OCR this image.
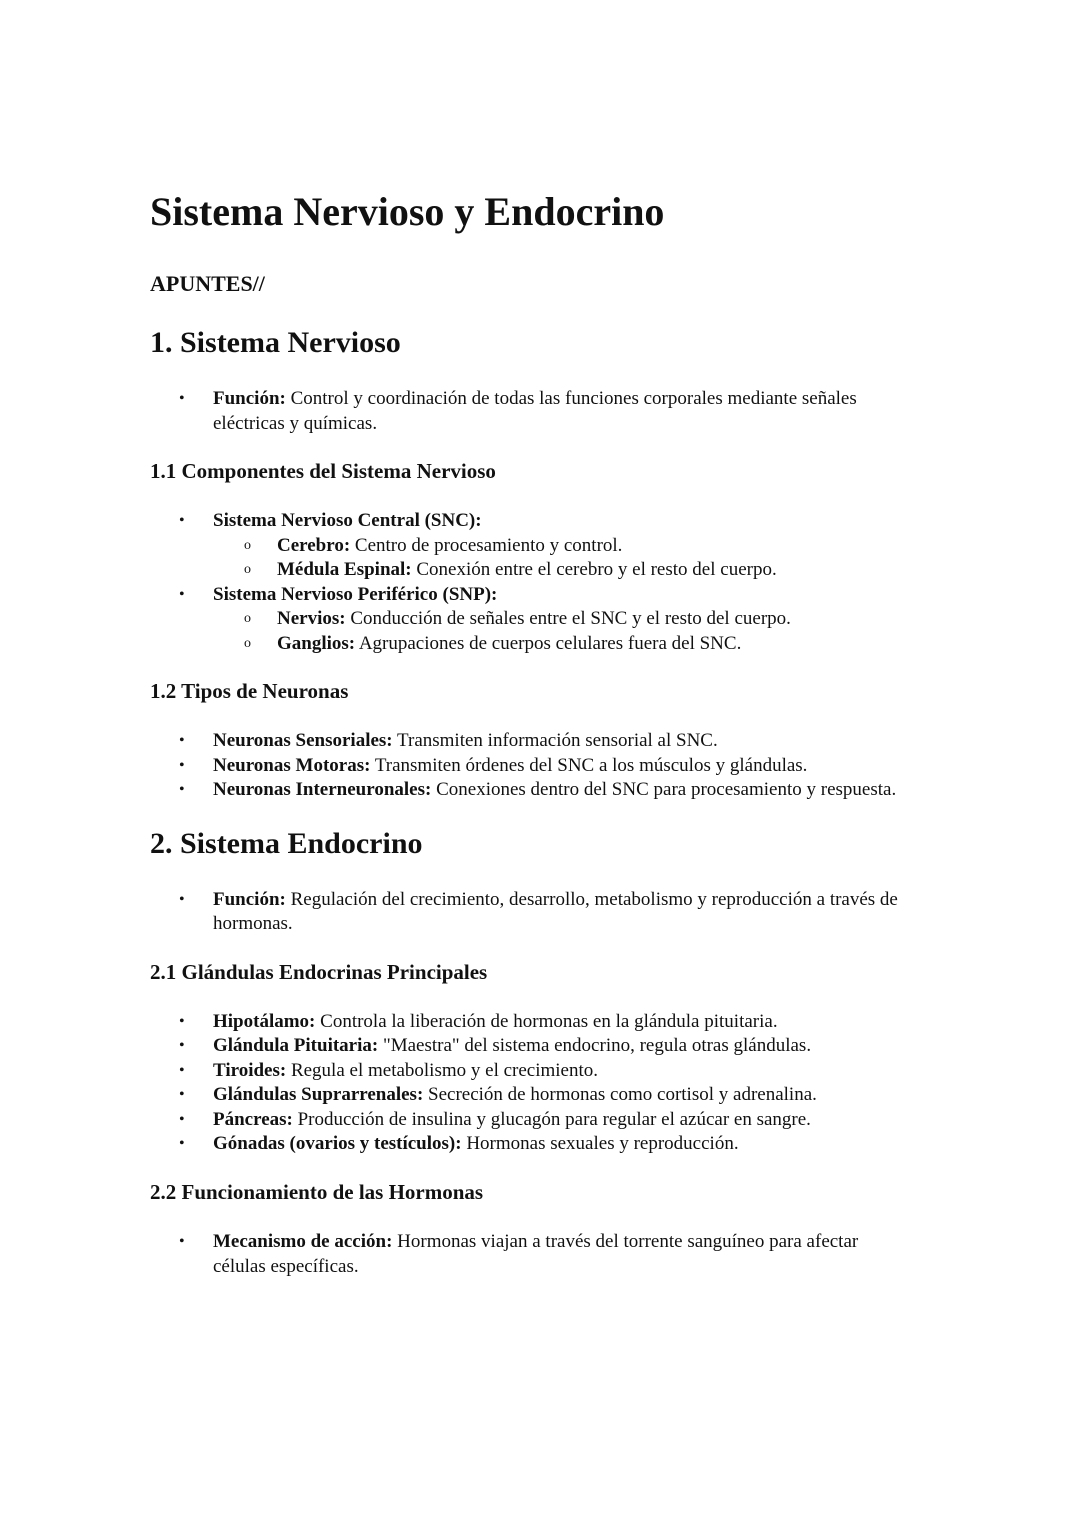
Sistema Nervioso y Endocrino
APUNTES//
1. Sistema Nervioso
• Función: Control y coordinación de todas las funciones corporales mediante señales eléctricas y químicas.
1.1 Componentes del Sistema Nervioso
• Sistema Nervioso Central (SNC):
o Cerebro: Centro de procesamiento y control.
o Médula Espinal: Conexión entre el cerebro y el resto del cuerpo.
• Sistema Nervioso Periférico (SNP):
o Nervios: Conducción de señales entre el SNC y el resto del cuerpo.
o Ganglios: Agrupaciones de cuerpos celulares fuera del SNC.
1.2 Tipos de Neuronas
• Neuronas Sensoriales: Transmiten información sensorial al SNC.
• Neuronas Motoras: Transmiten órdenes del SNC a los músculos y glándulas.
• Neuronas Interneuronales: Conexiones dentro del SNC para procesamiento y respuesta.
2. Sistema Endocrino
• Función: Regulación del crecimiento, desarrollo, metabolismo y reproducción a través de hormonas.
2.1 Glándulas Endocrinas Principales
• Hipotálamo: Controla la liberación de hormonas en la glándula pituitaria.
• Glándula Pituitaria: "Maestra" del sistema endocrino, regula otras glándulas.
• Tiroides: Regula el metabolismo y el crecimiento.
• Glándulas Suprarrenales: Secreción de hormonas como cortisol y adrenalina.
• Páncreas: Producción de insulina y glucagón para regular el azúcar en sangre.
• Gónadas (ovarios y testículos): Hormonas sexuales y reproducción.
2.2 Funcionamiento de las Hormonas
• Mecanismo de acción: Hormonas viajan a través del torrente sanguíneo para afectar células específicas.
